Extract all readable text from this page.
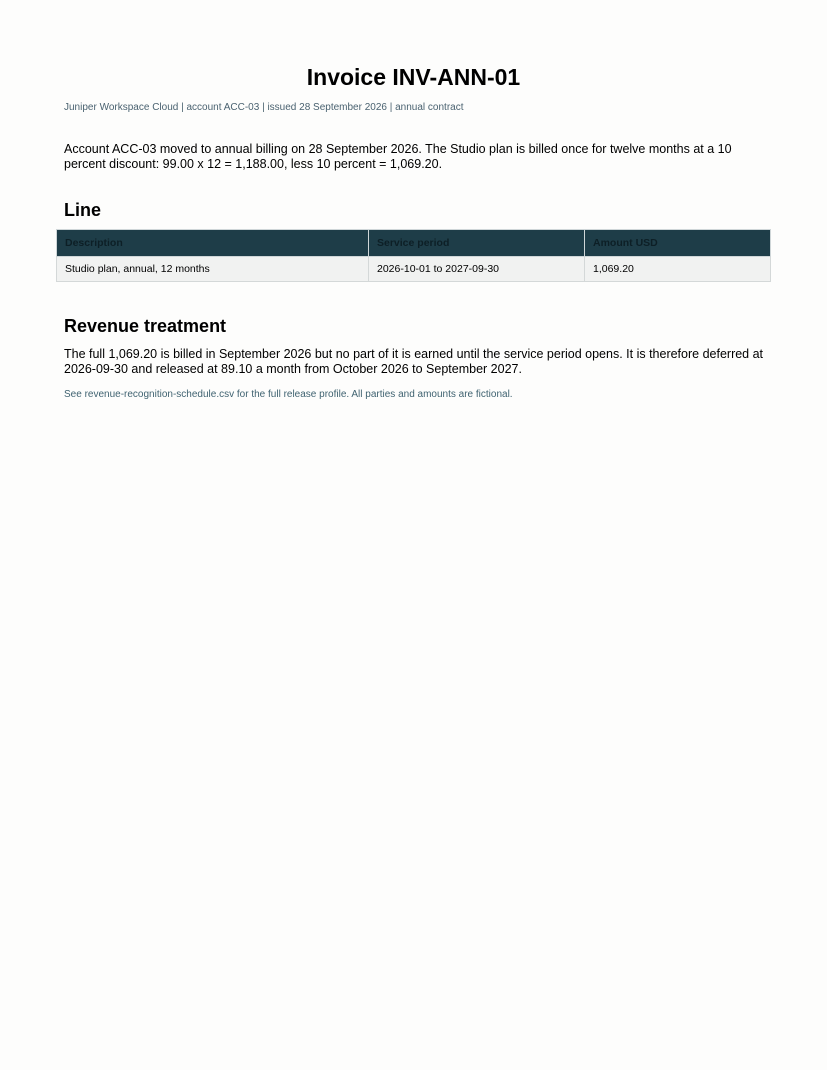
Invoice INV-ANN-01
Juniper Workspace Cloud | account ACC-03 | issued 28 September 2026 | annual contract

Account ACC-03 moved to annual billing on 28 September 2026. The Studio plan is billed once for twelve months at a 10 percent discount: 99.00 x 12 = 1,188.00, less 10 percent = 1,069.20.

Line
Description	Service period	Amount USD
Studio plan, annual, 12 months	2026-10-01 to 2027-09-30	1,069.20
Revenue treatment

The full 1,069.20 is billed in September 2026 but no part of it is earned until the service period opens. It is therefore deferred at 2026-09-30 and released at 89.10 a month from October 2026 to September 2027.

See revenue-recognition-schedule.csv for the full release profile. All parties and amounts are fictional.
